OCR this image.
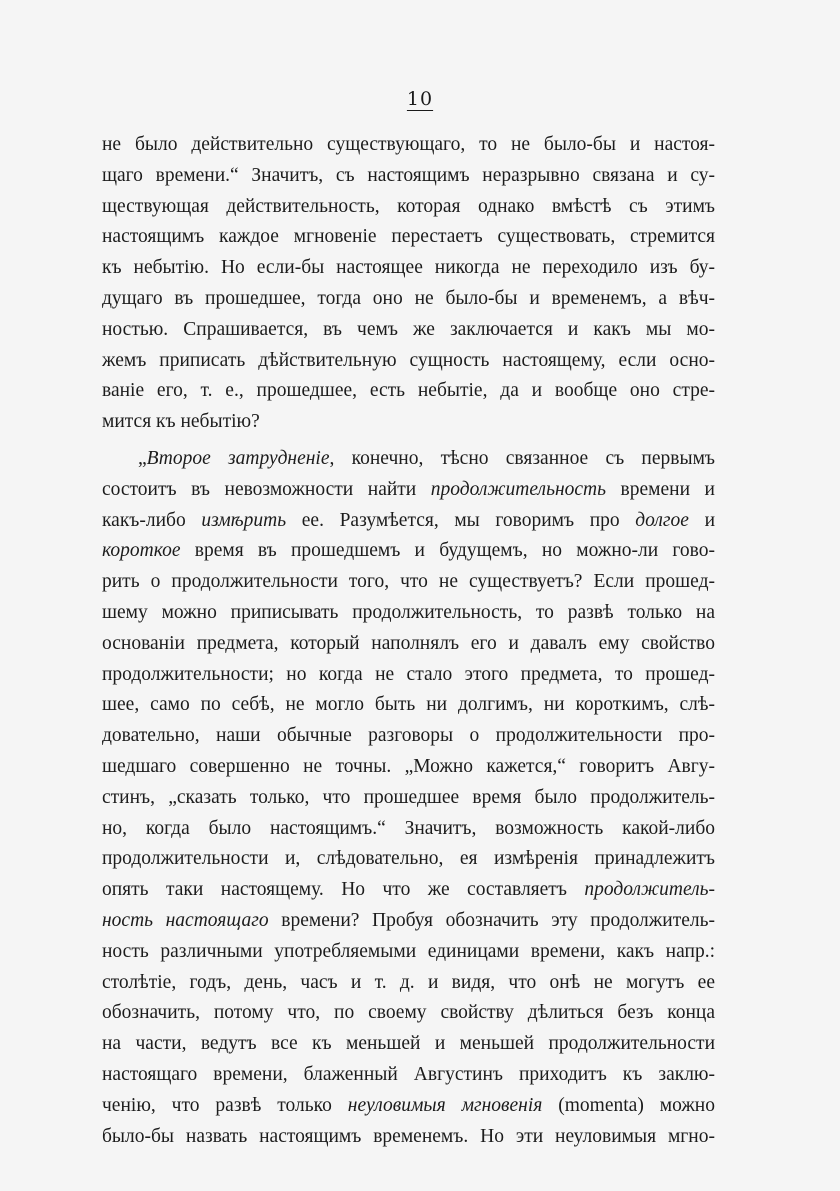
10
не было действительно существующаго, то не было-бы и настоя-
щаго времени.“ Значитъ, съ настоящимъ неразрывно связана и су-
ществующая действительность, которая однако вмѣстѣ съ этимъ
настоящимъ каждое мгновеніе перестаетъ существовать, стремится
къ небытію. Но если-бы настоящее никогда не переходило изъ бу-
дущаго въ прошедшее, тогда оно не было-бы и временемъ, а вѣч-
ностью. Спрашивается, въ чемъ же заключается и какъ мы мо-
жемъ приписать дѣйствительную сущность настоящему, если осно-
ваніе его, т. е., прошедшее, есть небытіе, да и вообще оно стре-
мится къ небытію?
„Второе затрудненіе, конечно, тѣсно связанное съ первымъ
состоитъ въ невозможности найти продолжительность времени и
какъ-либо измѣрить ее. Разумѣется, мы говоримъ про долгое и
короткое время въ прошедшемъ и будущемъ, но можно-ли гово-
рить о продолжительности того, что не существуетъ? Если прошед-
шему можно приписывать продолжительность, то развѣ только на
основаніи предмета, который наполнялъ его и давалъ ему свойство
продолжительности; но когда не стало этого предмета, то прошед-
шее, само по себѣ, не могло быть ни долгимъ, ни короткимъ, слѣ-
довательно, наши обычные разговоры о продолжительности про-
шедшаго совершенно не точны. „Можно кажется,“ говоритъ Авгу-
стинъ, „сказать только, что прошедшее время было продолжитель-
но, когда было настоящимъ.“ Значитъ, возможность какой-либо
продолжительности и, слѣдовательно, ея измѣренія принадлежитъ
опять таки настоящему. Но что же составляетъ продолжитель-
ность настоящаго времени? Пробуя обозначить эту продолжитель-
ность различными употребляемыми единицами времени, какъ напр.:
столѣтіе, годъ, день, часъ и т. д. и видя, что онѣ не могутъ ее
обозначить, потому что, по своему свойству дѣлиться безъ конца
на части, ведутъ все къ меньшей и меньшей продолжительности
настоящаго времени, блаженный Августинъ приходитъ къ заклю-
ченію, что развѣ только неуловимыя мгновенія (momenta) можно
было-бы назвать настоящимъ временемъ. Но эти неуловимыя мгно-
